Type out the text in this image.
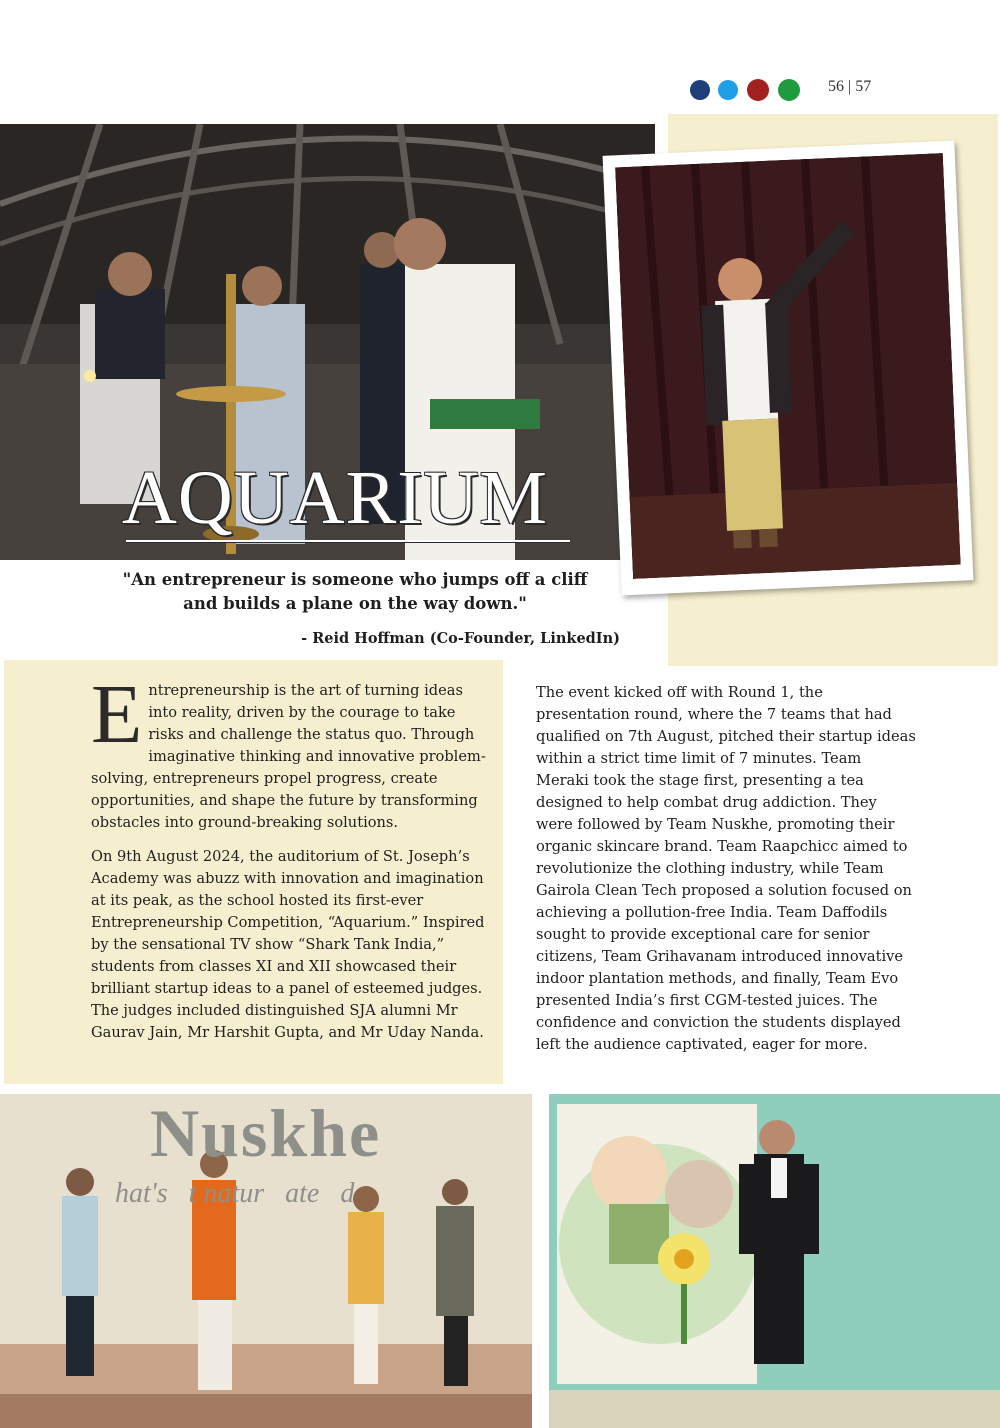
56 | 57
AQUARIUM
"An entrepreneur is someone who jumps off a cliff and builds a plane on the way down."
- Reid Hoffman (Co-Founder, LinkedIn)

Entrepreneurship is the art of turning ideas into reality, driven by the courage to take risks and challenge the status quo. Through imaginative thinking and innovative problem-solving, entrepreneurs propel progress, create opportunities, and shape the future by transforming obstacles into ground-breaking solutions.

On 9th August 2024, the auditorium of St. Joseph’s Academy was abuzz with innovation and imagination at its peak, as the school hosted its first-ever Entrepreneurship Competition, “Aquarium.” Inspired by the sensational TV show “Shark Tank India,” students from classes XI and XII showcased their brilliant startup ideas to a panel of esteemed judges. The judges included distinguished SJA alumni Mr Gaurav Jain, Mr Harshit Gupta, and Mr Uday Nanda.

The event kicked off with Round 1, the presentation round, where the 7 teams that had qualified on 7th August, pitched their startup ideas within a strict time limit of 7 minutes. Team Meraki took the stage first, presenting a tea designed to help combat drug addiction. They were followed by Team Nuskhe, promoting their organic skincare brand. Team Raapchicc aimed to revolutionize the clothing industry, while Team Gairola Clean Tech proposed a solution focused on achieving a pollution-free India. Team Daffodils sought to provide exceptional care for senior citizens, Team Grihavanam introduced innovative indoor plantation methods, and finally, Team Evo presented India’s first CGM-tested juices. The confidence and conviction the students displayed left the audience captivated, eager for more.

Nuskhe
hat's   t natur   ate   d
